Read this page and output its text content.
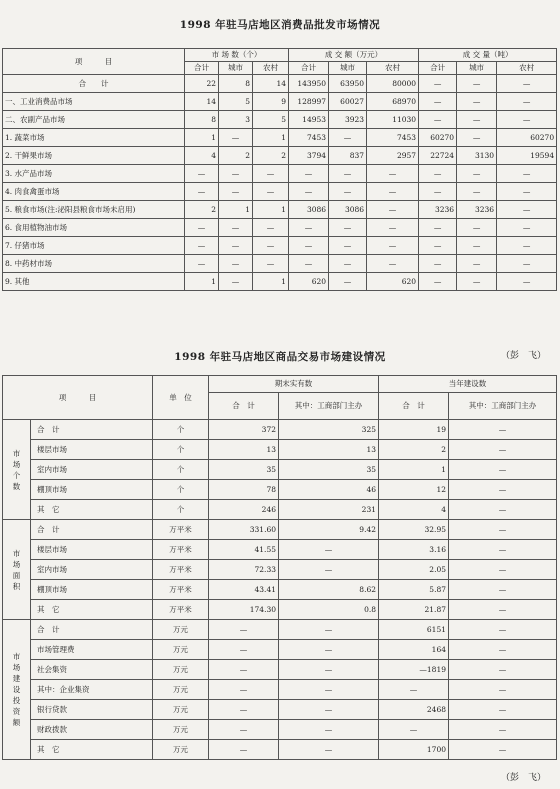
1998 年驻马店地区消费品批发市场情况
项　　　目	市 场 数（个）			成 交 额（万元）			成 交 量（吨）		
	合计	城市	农村	合计	城市	农村	合计	城市	农村
合　　计	22	8	14	143950	63950	80000	—	—	—
一、工业消费品市场	14	5	9	128997	60027	68970	—	—	—
二、农副产品市场	8	3	5	14953	3923	11030	—	—	—
1. 蔬菜市场	1	—	1	7453	—	7453	60270	—	60270
2. 干鲜果市场	4	2	2	3794	837	2957	22724	3130	19594
3. 水产品市场	—	—	—	—	—	—	—	—	—
4. 肉食禽蛋市场	—	—	—	—	—	—	—	—	—
5. 粮食市场(注:泌阳县粮食市场未启用)	2	1	1	3086	3086	—	3236	3236	—
6. 食用植物油市场	—	—	—	—	—	—	—	—	—
7. 仔猪市场	—	—	—	—	—	—	—	—	—
8. 中药材市场	—	—	—	—	—	—	—	—	—
9. 其他	1	—	1	620	—	620	—	—	—
（彭　飞）
1998 年驻马店地区商品交易市场建设情况
项　　　目		单　位	期末实有数		当年建设数	
			合　计	其中：工商部门主办	合　计	其中：工商部门主办
市场个数	合　计	个	372	325	19	—
	楼层市场	个	13	13	2	—
	室内市场	个	35	35	1	—
	棚顶市场	个	78	46	12	—
	其　它	个	246	231	4	—
市场面积	合　计	万平米	331.60	9.42	32.95	—
	楼层市场	万平米	41.55	—	3.16	—
	室内市场	万平米	72.33	—	2.05	—
	棚顶市场	万平米	43.41	8.62	5.87	—
	其　它	万平米	174.30	0.8	21.87	—
市场建设投资额	合　计	万元	—	—	6151	—
	市场管理费	万元	—	—	164	—
	社会集资	万元	—	—	—1819	—
	其中：企业集资	万元	—	—	—	—
	银行贷款	万元	—	—	2468	—
	财政拨款	万元	—	—	—	—
	其　它	万元	—	—	1700	—
（彭　飞）
